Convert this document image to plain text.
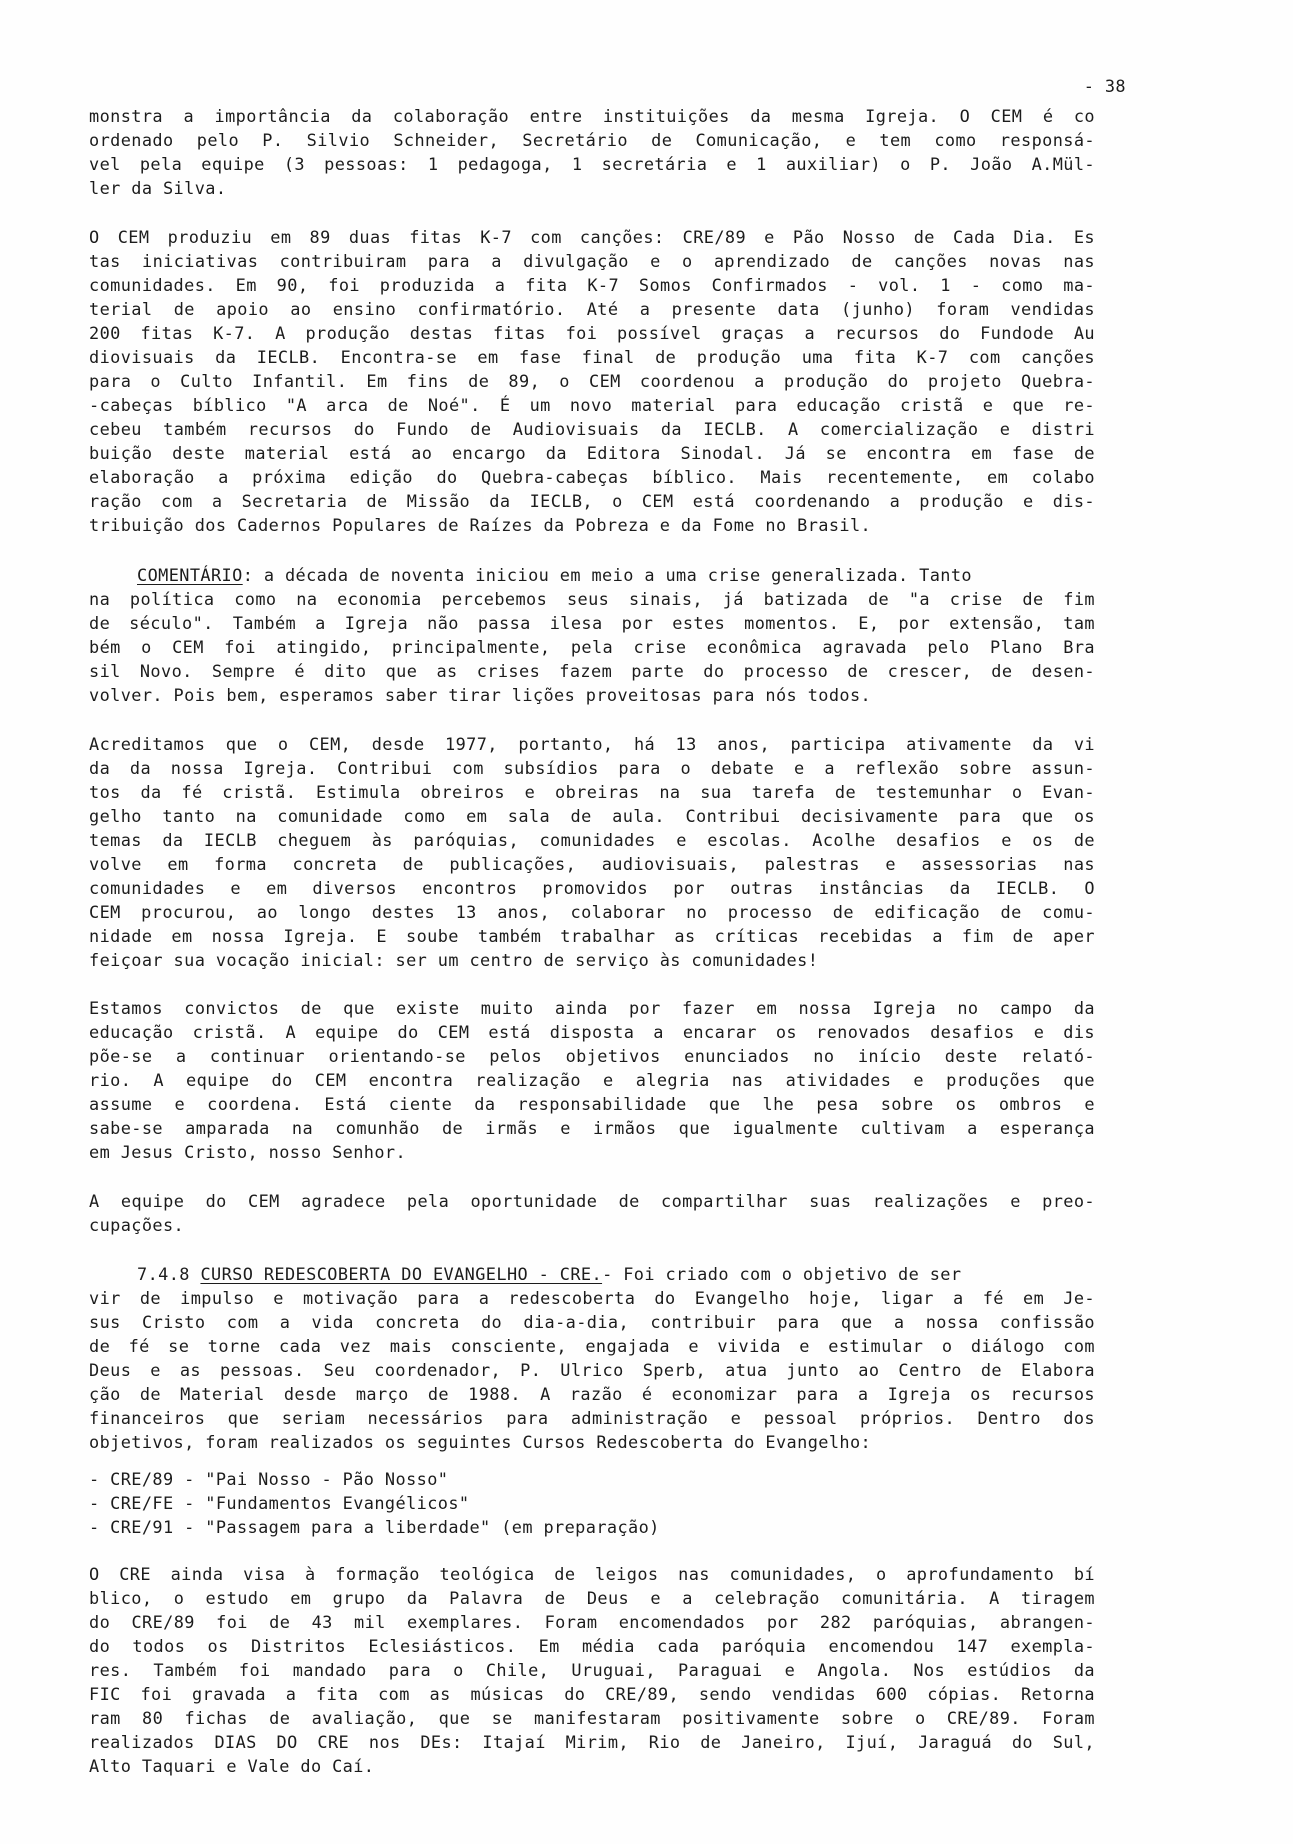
- 38
monstra a importância da colaboração entre instituições da mesma Igreja. O CEM é co
ordenado pelo P. Silvio Schneider, Secretário de Comunicação, e tem como responsá-
vel pela equipe (3 pessoas: 1 pedagoga, 1 secretária e 1 auxiliar) o P. João A.Mül-
ler da Silva.
O CEM produziu em 89 duas fitas K-7 com canções: CRE/89 e Pão Nosso de Cada Dia. Es
tas iniciativas contribuiram para a divulgação e o aprendizado de canções novas nas
comunidades. Em 90, foi produzida a fita K-7 Somos Confirmados - vol. 1 - como ma-
terial de apoio ao ensino confirmatório. Até a presente data (junho) foram vendidas
200 fitas K-7. A produção destas fitas foi possível graças a recursos do Fundode Au
diovisuais da IECLB. Encontra-se em fase final de produção uma fita K-7 com canções
para o Culto Infantil. Em fins de 89, o CEM coordenou a produção do projeto Quebra-
-cabeças bíblico "A arca de Noé". É um novo material para educação cristã e que re-
cebeu também recursos do Fundo de Audiovisuais da IECLB. A comercialização e distri
buição deste material está ao encargo da Editora Sinodal. Já se encontra em fase de
elaboração a próxima edição do Quebra-cabeças bíblico. Mais recentemente, em colabo
ração com a Secretaria de Missão da IECLB, o CEM está coordenando a produção e dis-
tribuição dos Cadernos Populares de Raízes da Pobreza e da Fome no Brasil.
COMENTÁRIO: a década de noventa iniciou em meio a uma crise generalizada. Tanto
na política como na economia percebemos seus sinais, já batizada de "a crise de fim
de século". Também a Igreja não passa ilesa por estes momentos. E, por extensão, tam
bém o CEM foi atingido, principalmente, pela crise econômica agravada pelo Plano Bra
sil Novo. Sempre é dito que as crises fazem parte do processo de crescer, de desen-
volver. Pois bem, esperamos saber tirar lições proveitosas para nós todos.
Acreditamos que o CEM, desde 1977, portanto, há 13 anos, participa ativamente da vi
da da nossa Igreja. Contribui com subsídios para o debate e a reflexão sobre assun-
tos da fé cristã. Estimula obreiros e obreiras na sua tarefa de testemunhar o Evan-
gelho tanto na comunidade como em sala de aula. Contribui decisivamente para que os
temas da IECLB cheguem às paróquias, comunidades e escolas. Acolhe desafios e os de
volve em forma concreta de publicações, audiovisuais, palestras e assessorias nas
comunidades e em diversos encontros promovidos por outras instâncias da IECLB. O
CEM procurou, ao longo destes 13 anos, colaborar no processo de edificação de comu-
nidade em nossa Igreja. E soube também trabalhar as críticas recebidas a fim de aper
feiçoar sua vocação inicial: ser um centro de serviço às comunidades!
Estamos convictos de que existe muito ainda por fazer em nossa Igreja no campo da
educação cristã. A equipe do CEM está disposta a encarar os renovados desafios e dis
põe-se a continuar orientando-se pelos objetivos enunciados no início deste relató-
rio. A equipe do CEM encontra realização e alegria nas atividades e produções que
assume e coordena. Está ciente da responsabilidade que lhe pesa sobre os ombros e
sabe-se amparada na comunhão de irmãs e irmãos que igualmente cultivam a esperança
em Jesus Cristo, nosso Senhor.
A equipe do CEM agradece pela oportunidade de compartilhar suas realizações e preo-
cupações.
7.4.8 CURSO REDESCOBERTA DO EVANGELHO - CRE.- Foi criado com o objetivo de ser
vir de impulso e motivação para a redescoberta do Evangelho hoje, ligar a fé em Je-
sus Cristo com a vida concreta do dia-a-dia, contribuir para que a nossa confissão
de fé se torne cada vez mais consciente, engajada e vivida e estimular o diálogo com
Deus e as pessoas. Seu coordenador, P. Ulrico Sperb, atua junto ao Centro de Elabora
ção de Material desde março de 1988. A razão é economizar para a Igreja os recursos
financeiros que seriam necessários para administração e pessoal próprios. Dentro dos
objetivos, foram realizados os seguintes Cursos Redescoberta do Evangelho:
- CRE/89 - "Pai Nosso - Pão Nosso"
- CRE/FE - "Fundamentos Evangélicos"
- CRE/91 - "Passagem para a liberdade" (em preparação)
O CRE ainda visa à formação teológica de leigos nas comunidades, o aprofundamento bí
blico, o estudo em grupo da Palavra de Deus e a celebração comunitária. A tiragem
do CRE/89 foi de 43 mil exemplares. Foram encomendados por 282 paróquias, abrangen-
do todos os Distritos Eclesiásticos. Em média cada paróquia encomendou 147 exempla-
res. Também foi mandado para o Chile, Uruguai, Paraguai e Angola. Nos estúdios da
FIC foi gravada a fita com as músicas do CRE/89, sendo vendidas 600 cópias. Retorna
ram 80 fichas de avaliação, que se manifestaram positivamente sobre o CRE/89. Foram
realizados DIAS DO CRE nos DEs: Itajaí Mirim, Rio de Janeiro, Ijuí, Jaraguá do Sul,
Alto Taquari e Vale do Caí.
